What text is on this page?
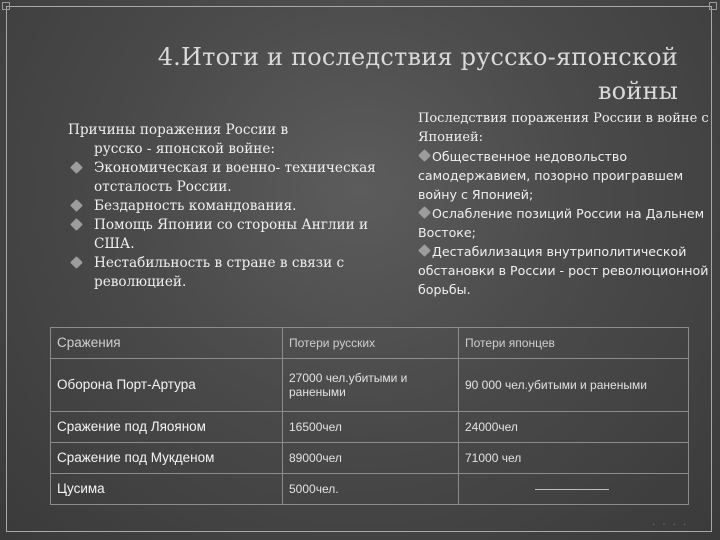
4.Итоги и последствия русско-японской войны
Причины поражения России в
русско - японской войне:
Экономическая и военно- техническая отсталость России.
Бездарность командования.
Помощь Японии со стороны Англии и США.
Нестабильность в стране в связи с революцией.
Последствия поражения России в войне с Японией:
Общественное недовольство самодержавием, позорно проигравшем войну с Японией;
Ослабление позиций России на Дальнем Востоке;
Дестабилизация внутриполитической обстановки в России - рост революционной борьбы.
Сражения	Потери русских	Потери японцев
Оборона Порт-Артура	27000 чел.убитыми и ранеными	90 000 чел.убитыми и ранеными
Сражение под Ляояном	16500чел	24000чел
Сражение под Мукденом	89000чел	71000 чел
Цусима	5000чел.	
· · · ·
